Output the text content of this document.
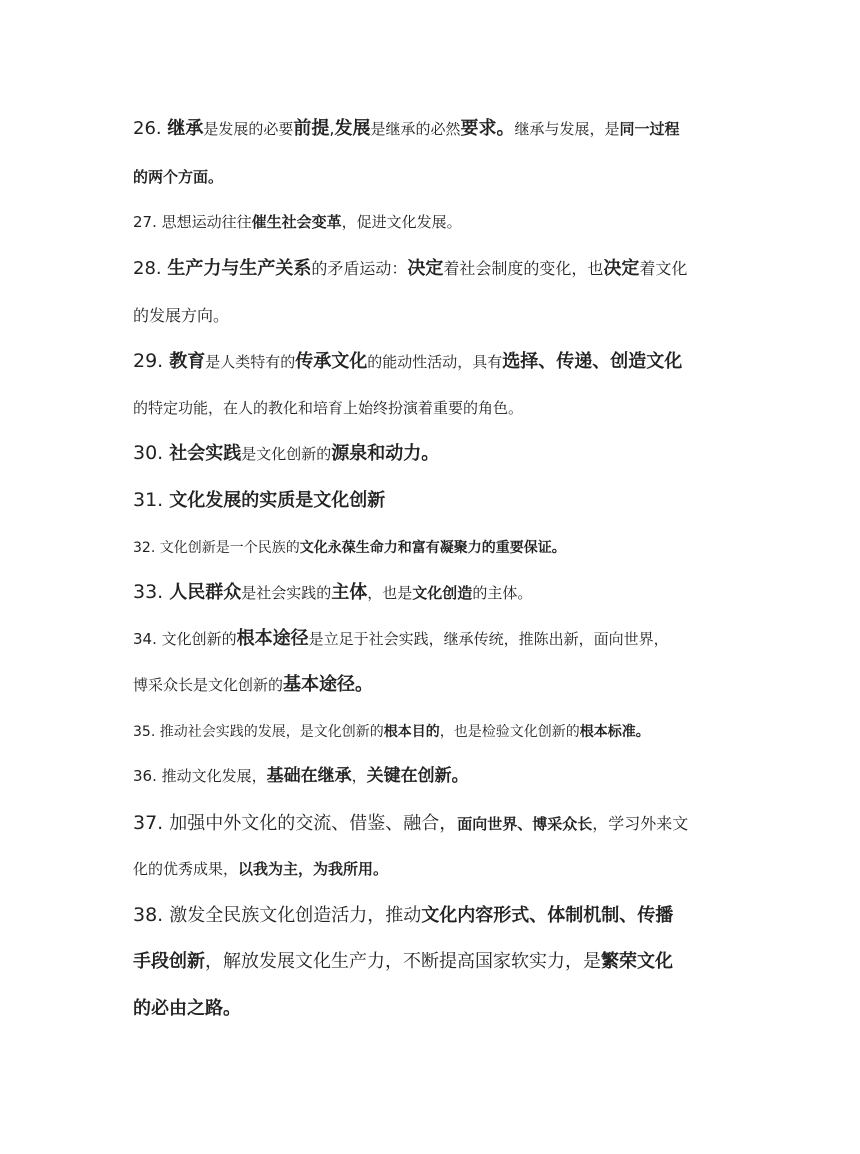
26. 继承是发展的必要前提,发展是继承的必然要求。继承与发展，是同一过程
的两个方面。
27. 思想运动往往催生社会变革，促进文化发展。
28. 生产力与生产关系的矛盾运动：决定着社会制度的变化，也决定着文化
的发展方向。
29. 教育是人类特有的传承文化的能动性活动，具有选择、传递、创造文化
的特定功能，在人的教化和培育上始终扮演着重要的角色。
30. 社会实践是文化创新的源泉和动力。
31. 文化发展的实质是文化创新
32. 文化创新是一个民族的文化永葆生命力和富有凝聚力的重要保证。
33. 人民群众是社会实践的主体，也是文化创造的主体。
34. 文化创新的根本途径是立足于社会实践，继承传统，推陈出新，面向世界，
博采众长是文化创新的基本途径。
35. 推动社会实践的发展，是文化创新的根本目的，也是检验文化创新的根本标准。
36. 推动文化发展，基础在继承，关键在创新。
37. 加强中外文化的交流、借鉴、融合，面向世界、博采众长，学习外来文
化的优秀成果，以我为主，为我所用。
38. 激发全民族文化创造活力，推动文化内容形式、体制机制、传播
手段创新，解放发展文化生产力，不断提高国家软实力，是繁荣文化
的必由之路。
